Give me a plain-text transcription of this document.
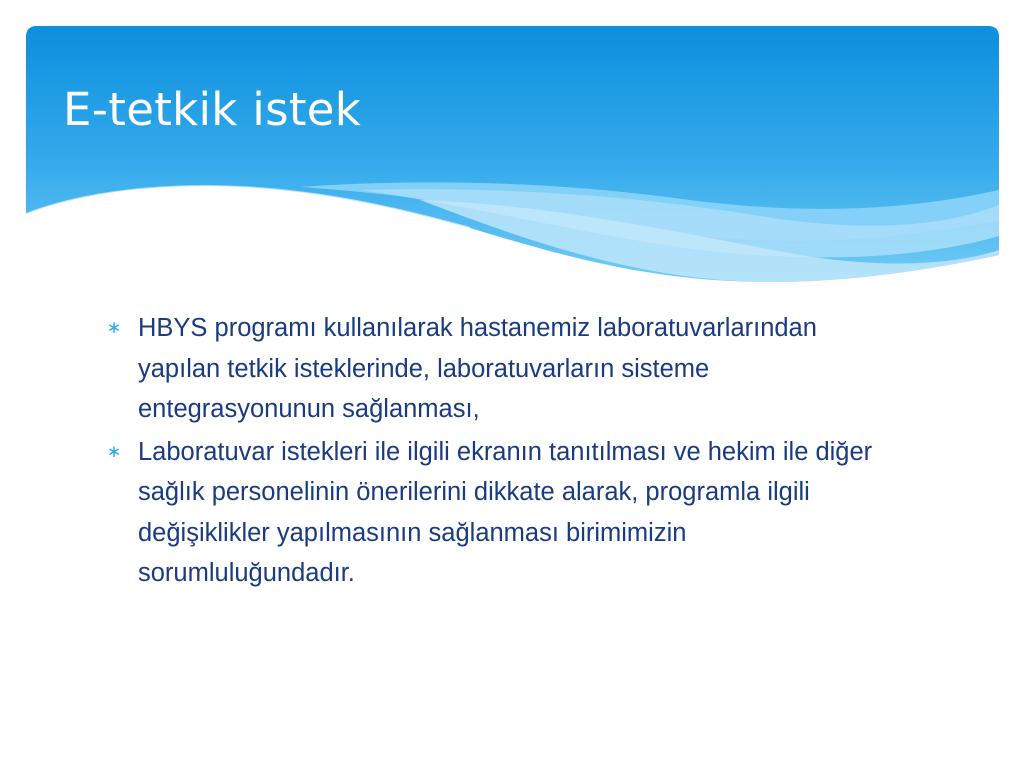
E-tetkik istek
∗ HBYS programı kullanılarak hastanemiz laboratuvarlarından yapılan tetkik isteklerinde, laboratuvarların sisteme entegrasyonunun sağlanması,
∗ Laboratuvar istekleri ile ilgili ekranın tanıtılması ve hekim ile diğer sağlık personelinin önerilerini dikkate alarak, programla ilgili değişiklikler yapılmasının sağlanması birimimizin sorumluluğundadır.
